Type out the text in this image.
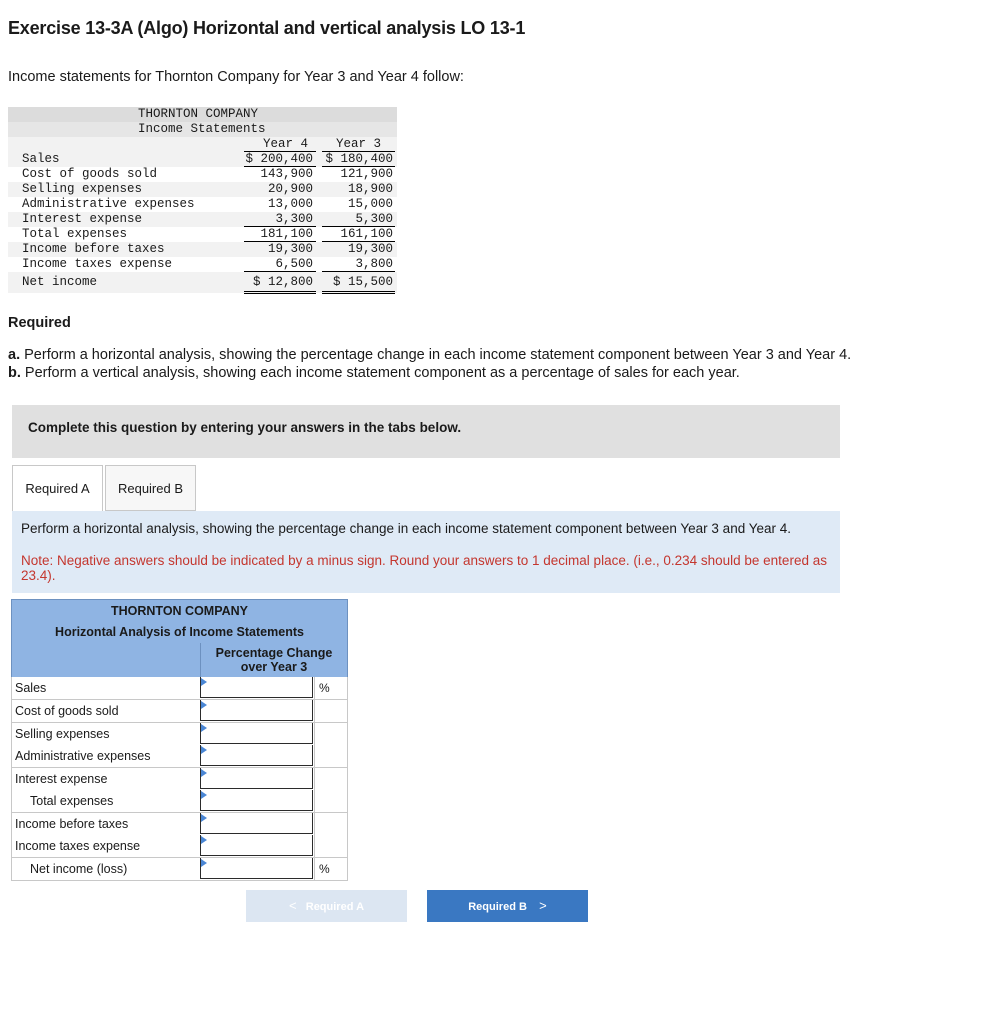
Exercise 13-3A (Algo) Horizontal and vertical analysis LO 13-1
Income statements for Thornton Company for Year 3 and Year 4 follow:
THORNTON COMPANY
Income Statements
Year 4 Year 3
Sales	$ 200,400 $ 180,400
Cost of goods sold	143,900 121,900
Selling expenses	20,900	18,900
Administrative expenses	13,000	15,000
Interest expense	3,300	5,300
Total expenses	181,100 161,100
Income before taxes	19,300	19,300
Income taxes expense	6,500	3,800
Net income	$ 12,800 $ 15,500
Required
a. Perform a horizontal analysis, showing the percentage change in each income statement component between Year 3 and Year 4.
b. Perform a vertical analysis, showing each income statement component as a percentage of sales for each year.
Complete this question by entering your answers in the tabs below.
Required A	Required B
Perform a horizontal analysis, showing the percentage change in each income statement component between Year 3 and Year 4.
Note: Negative answers should be indicated by a minus sign. Round your answers to 1 decimal place. (i.e., 0.234 should be entered as 23.4).
THORNTON COMPANY
Horizontal Analysis of Income Statements
Percentage Change over Year 3
Sales	%
Cost of goods sold
Selling expenses
Administrative expenses
Interest expense
Total expenses
Income before taxes
Income taxes expense
Net income (loss)	%
< Required A	Required B >
